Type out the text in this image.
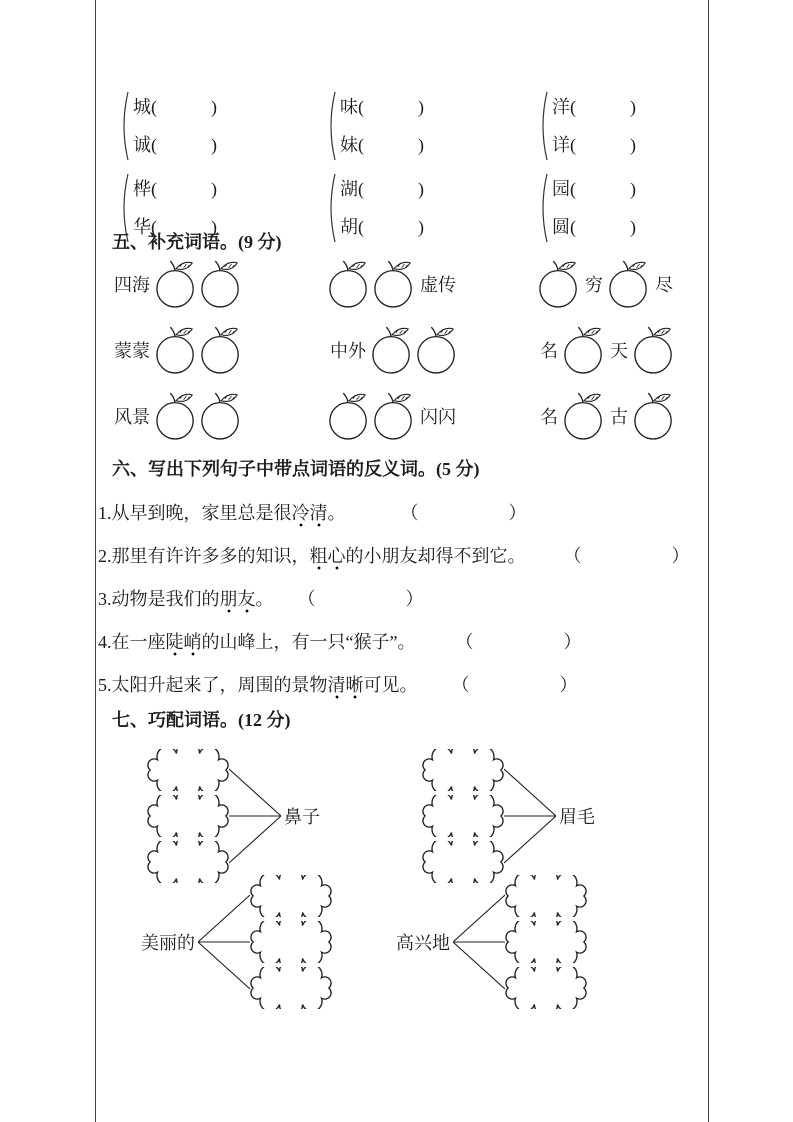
城(　　　)
诚(　　　)
味(　　　)
妹(　　　)
洋(　　　)
详(　　　)
桦(　　　)
华(　　　)
湖(　　　)
胡(　　　)
园(　　　)
圆(　　　)
五、补充词语。(9 分)
四海	虚传	穷	尽
蒙蒙	中外	名	天
风景	闪闪	名	古
六、写出下列句子中带点词语的反义词。(5 分)
1.从早到晚，家里总是很冷清。	（　　　　　）
2.那里有许许多多的知识，粗心的小朋友却得不到它。 （　　　　　）
3.动物是我们的朋友。 （　　　　　）
4.在一座陡峭的山峰上，有一只“猴子”。 （　　　　　）
5.太阳升起来了，周围的景物清晰可见。 （　　　　　）
七、巧配词语。(12 分)
鼻子	眉毛
美丽的	高兴地
